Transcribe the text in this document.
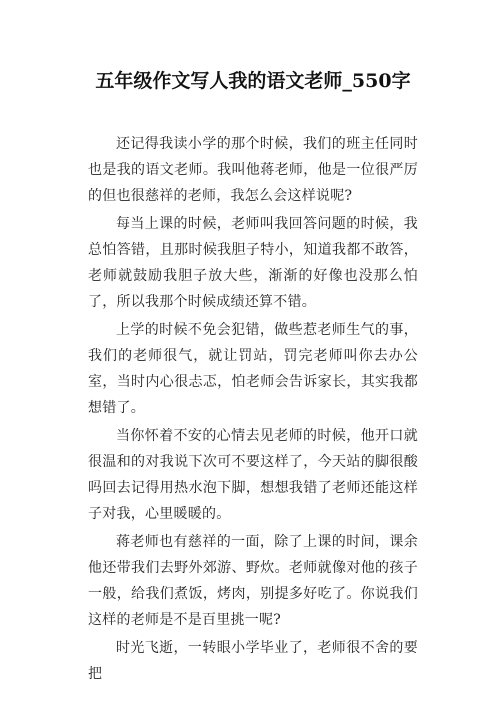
五年级作文写人我的语文老师_550字

还记得我读小学的那个时候，我们的班主任同时也是我的语文老师。我叫他蒋老师，他是一位很严厉的但也很慈祥的老师，我怎么会这样说呢?

每当上课的时候，老师叫我回答问题的时候，我总怕答错，且那时候我胆子特小，知道我都不敢答，老师就鼓励我胆子放大些，渐渐的好像也没那么怕了，所以我那个时候成绩还算不错。

上学的时候不免会犯错，做些惹老师生气的事，我们的老师很气，就让罚站，罚完老师叫你去办公室，当时内心很忐忑，怕老师会告诉家长，其实我都想错了。

当你怀着不安的心情去见老师的时候，他开口就很温和的对我说下次可不要这样了，今天站的脚很酸吗回去记得用热水泡下脚，想想我错了老师还能这样子对我，心里暖暖的。

蒋老师也有慈祥的一面，除了上课的时间，课余他还带我们去野外郊游、野炊。老师就像对他的孩子一般，给我们煮饭，烤肉，别提多好吃了。你说我们这样的老师是不是百里挑一呢?

时光飞逝，一转眼小学毕业了，老师很不舍的要把
